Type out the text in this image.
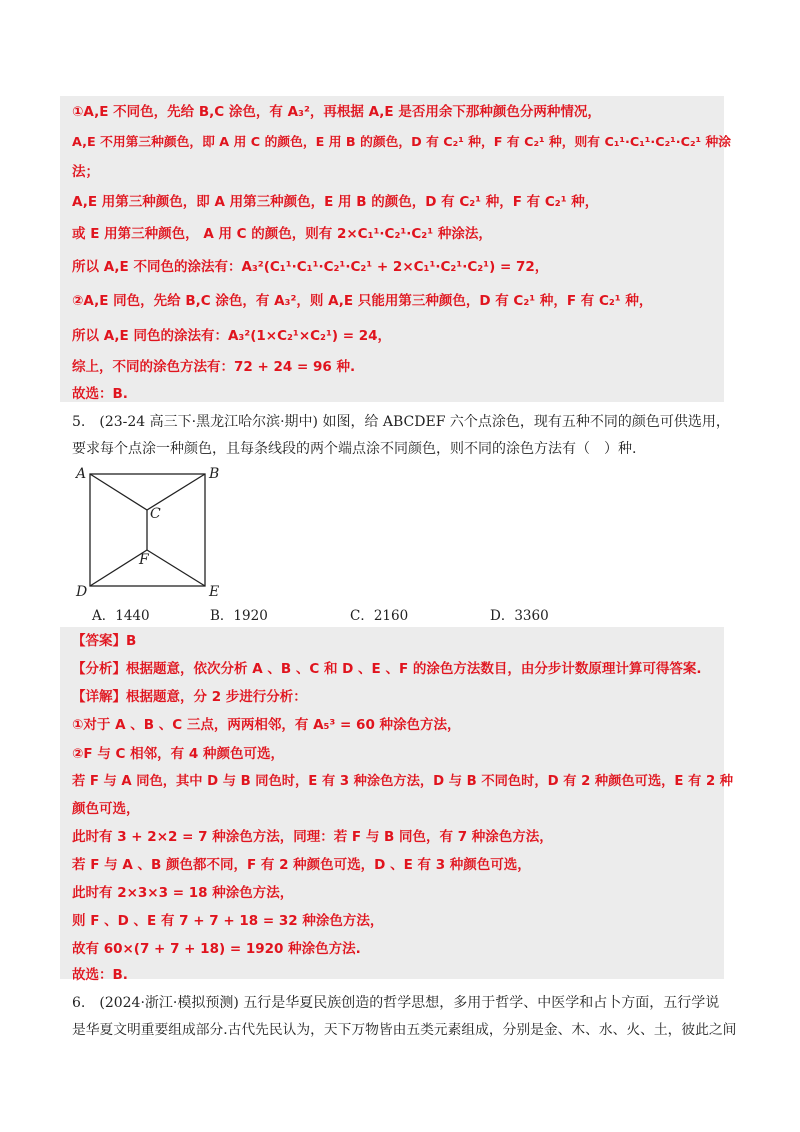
①A,E 不同色，先给 B,C 涂色，有 A₃²，再根据 A,E 是否用余下那种颜色分两种情况，
A,E 不用第三种颜色，即 A 用 C 的颜色，E 用 B 的颜色，D 有 C₂¹ 种，F 有 C₂¹ 种，则有 C₁¹·C₁¹·C₂¹·C₂¹ 种涂
法；
A,E 用第三种颜色，即 A 用第三种颜色，E 用 B 的颜色，D 有 C₂¹ 种，F 有 C₂¹ 种，
或 E 用第三种颜色， A 用 C 的颜色，则有 2×C₁¹·C₂¹·C₂¹ 种涂法，
所以 A,E 不同色的涂法有：A₃²(C₁¹·C₁¹·C₂¹·C₂¹ + 2×C₁¹·C₂¹·C₂¹) = 72，
②A,E 同色，先给 B,C 涂色，有 A₃²，则 A,E 只能用第三种颜色，D 有 C₂¹ 种，F 有 C₂¹ 种，
所以 A,E 同色的涂法有：A₃²(1×C₂¹×C₂¹) = 24，
综上，不同的涂色方法有：72 + 24 = 96 种.
故选：B.
5.　(23-24 高三下·黑龙江哈尔滨·期中) 如图，给 ABCDEF 六个点涂色，现有五种不同的颜色可供选用，
要求每个点涂一种颜色，且每条线段的两个端点涂不同颜色，则不同的涂色方法有（　）种.
A	B
C
F
D	E
A．1440	B．1920	C．2160	D．3360
【答案】B
【分析】根据题意，依次分析 A 、B 、C 和 D 、E 、F 的涂色方法数目，由分步计数原理计算可得答案.
【详解】根据题意，分 2 步进行分析：
①对于 A 、B 、C 三点，两两相邻，有 A₅³ = 60 种涂色方法，
②F 与 C 相邻，有 4 种颜色可选，
若 F 与 A 同色，其中 D 与 B 同色时，E 有 3 种涂色方法，D 与 B 不同色时，D 有 2 种颜色可选，E 有 2 种
颜色可选，
此时有 3 + 2×2 = 7 种涂色方法，同理：若 F 与 B 同色，有 7 种涂色方法，
若 F 与 A 、B 颜色都不同，F 有 2 种颜色可选，D 、E 有 3 种颜色可选，
此时有 2×3×3 = 18 种涂色方法，
则 F 、D 、E 有 7 + 7 + 18 = 32 种涂色方法，
故有 60×(7 + 7 + 18) = 1920 种涂色方法.
故选：B.
6.　(2024·浙江·模拟预测) 五行是华夏民族创造的哲学思想，多用于哲学、中医学和占卜方面，五行学说
是华夏文明重要组成部分.古代先民认为，天下万物皆由五类元素组成，分别是金、木、水、火、土，彼此之间
